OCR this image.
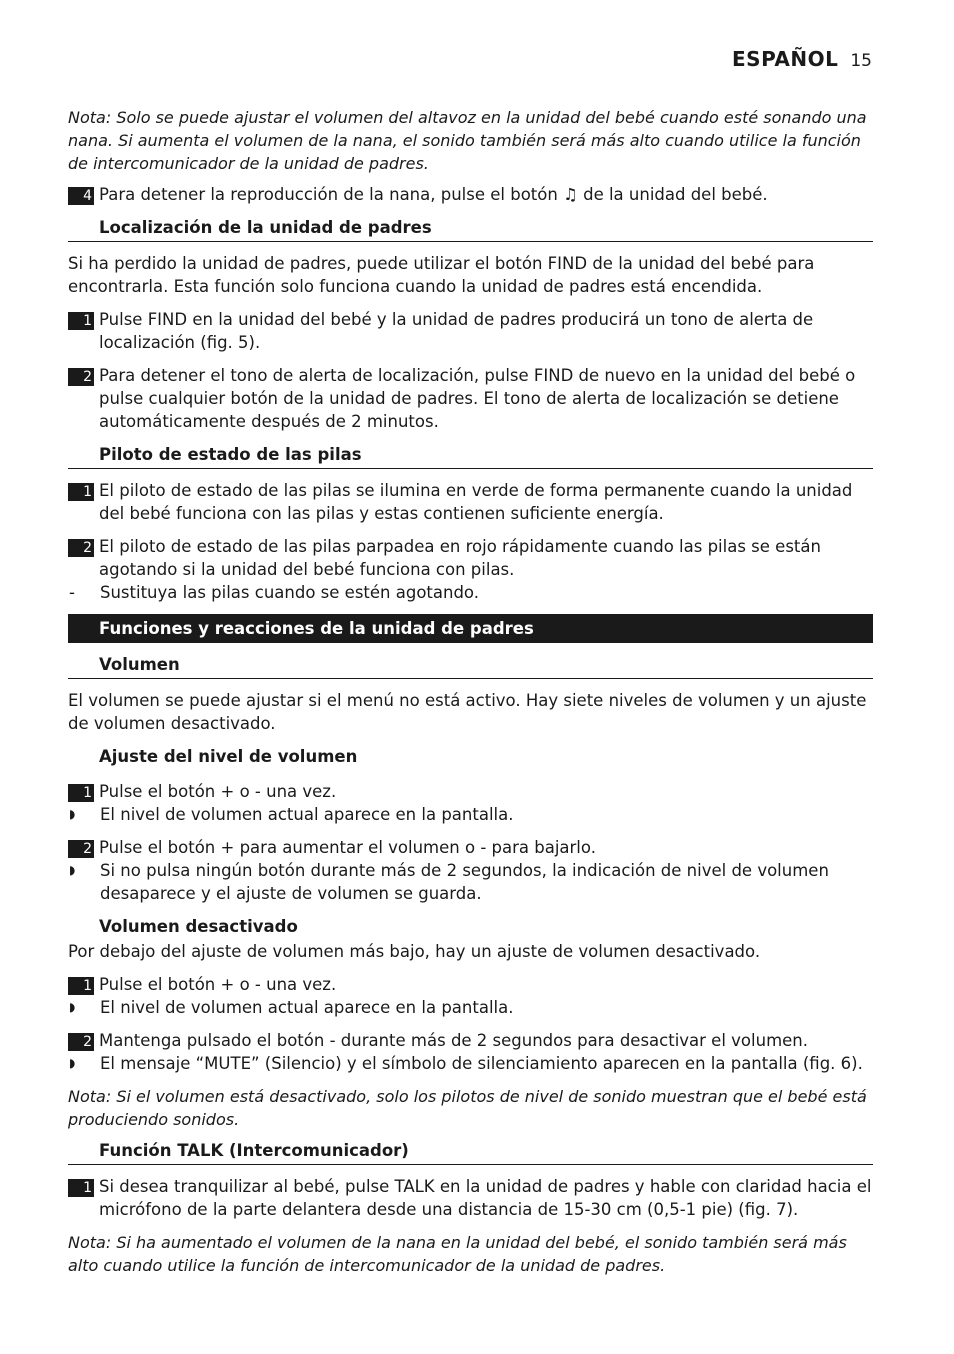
ESPAÑOL 15
Nota: Solo se puede ajustar el volumen del altavoz en la unidad del bebé cuando esté sonando una nana. Si aumenta el volumen de la nana, el sonido también será más alto cuando utilice la función de intercomunicador de la unidad de padres.
4 Para detener la reproducción de la nana, pulse el botón ♫ de la unidad del bebé.
Localización de la unidad de padres
Si ha perdido la unidad de padres, puede utilizar el botón FIND de la unidad del bebé para encontrarla. Esta función solo funciona cuando la unidad de padres está encendida.
1 Pulse FIND en la unidad del bebé y la unidad de padres producirá un tono de alerta de localización (fig. 5).
2 Para detener el tono de alerta de localización, pulse FIND de nuevo en la unidad del bebé o pulse cualquier botón de la unidad de padres. El tono de alerta de localización se detiene automáticamente después de 2 minutos.
Piloto de estado de las pilas
1 El piloto de estado de las pilas se ilumina en verde de forma permanente cuando la unidad del bebé funciona con las pilas y estas contienen suficiente energía.
2 El piloto de estado de las pilas parpadea en rojo rápidamente cuando las pilas se están agotando si la unidad del bebé funciona con pilas.
-	Sustituya las pilas cuando se estén agotando.
Funciones y reacciones de la unidad de padres
Volumen
El volumen se puede ajustar si el menú no está activo. Hay siete niveles de volumen y un ajuste de volumen desactivado.
Ajuste del nivel de volumen
1 Pulse el botón + o - una vez.
◗	El nivel de volumen actual aparece en la pantalla.
2 Pulse el botón + para aumentar el volumen o - para bajarlo.
◗	Si no pulsa ningún botón durante más de 2 segundos, la indicación de nivel de volumen desaparece y el ajuste de volumen se guarda.
Volumen desactivado
Por debajo del ajuste de volumen más bajo, hay un ajuste de volumen desactivado.
1 Pulse el botón + o - una vez.
◗	El nivel de volumen actual aparece en la pantalla.
2 Mantenga pulsado el botón - durante más de 2 segundos para desactivar el volumen.
◗	El mensaje “MUTE” (Silencio) y el símbolo de silenciamiento aparecen en la pantalla (fig. 6).
Nota: Si el volumen está desactivado, solo los pilotos de nivel de sonido muestran que el bebé está produciendo sonidos.
Función TALK (Intercomunicador)
1 Si desea tranquilizar al bebé, pulse TALK en la unidad de padres y hable con claridad hacia el micrófono de la parte delantera desde una distancia de 15-30 cm (0,5-1 pie) (fig. 7).
Nota: Si ha aumentado el volumen de la nana en la unidad del bebé, el sonido también será más alto cuando utilice la función de intercomunicador de la unidad de padres.
